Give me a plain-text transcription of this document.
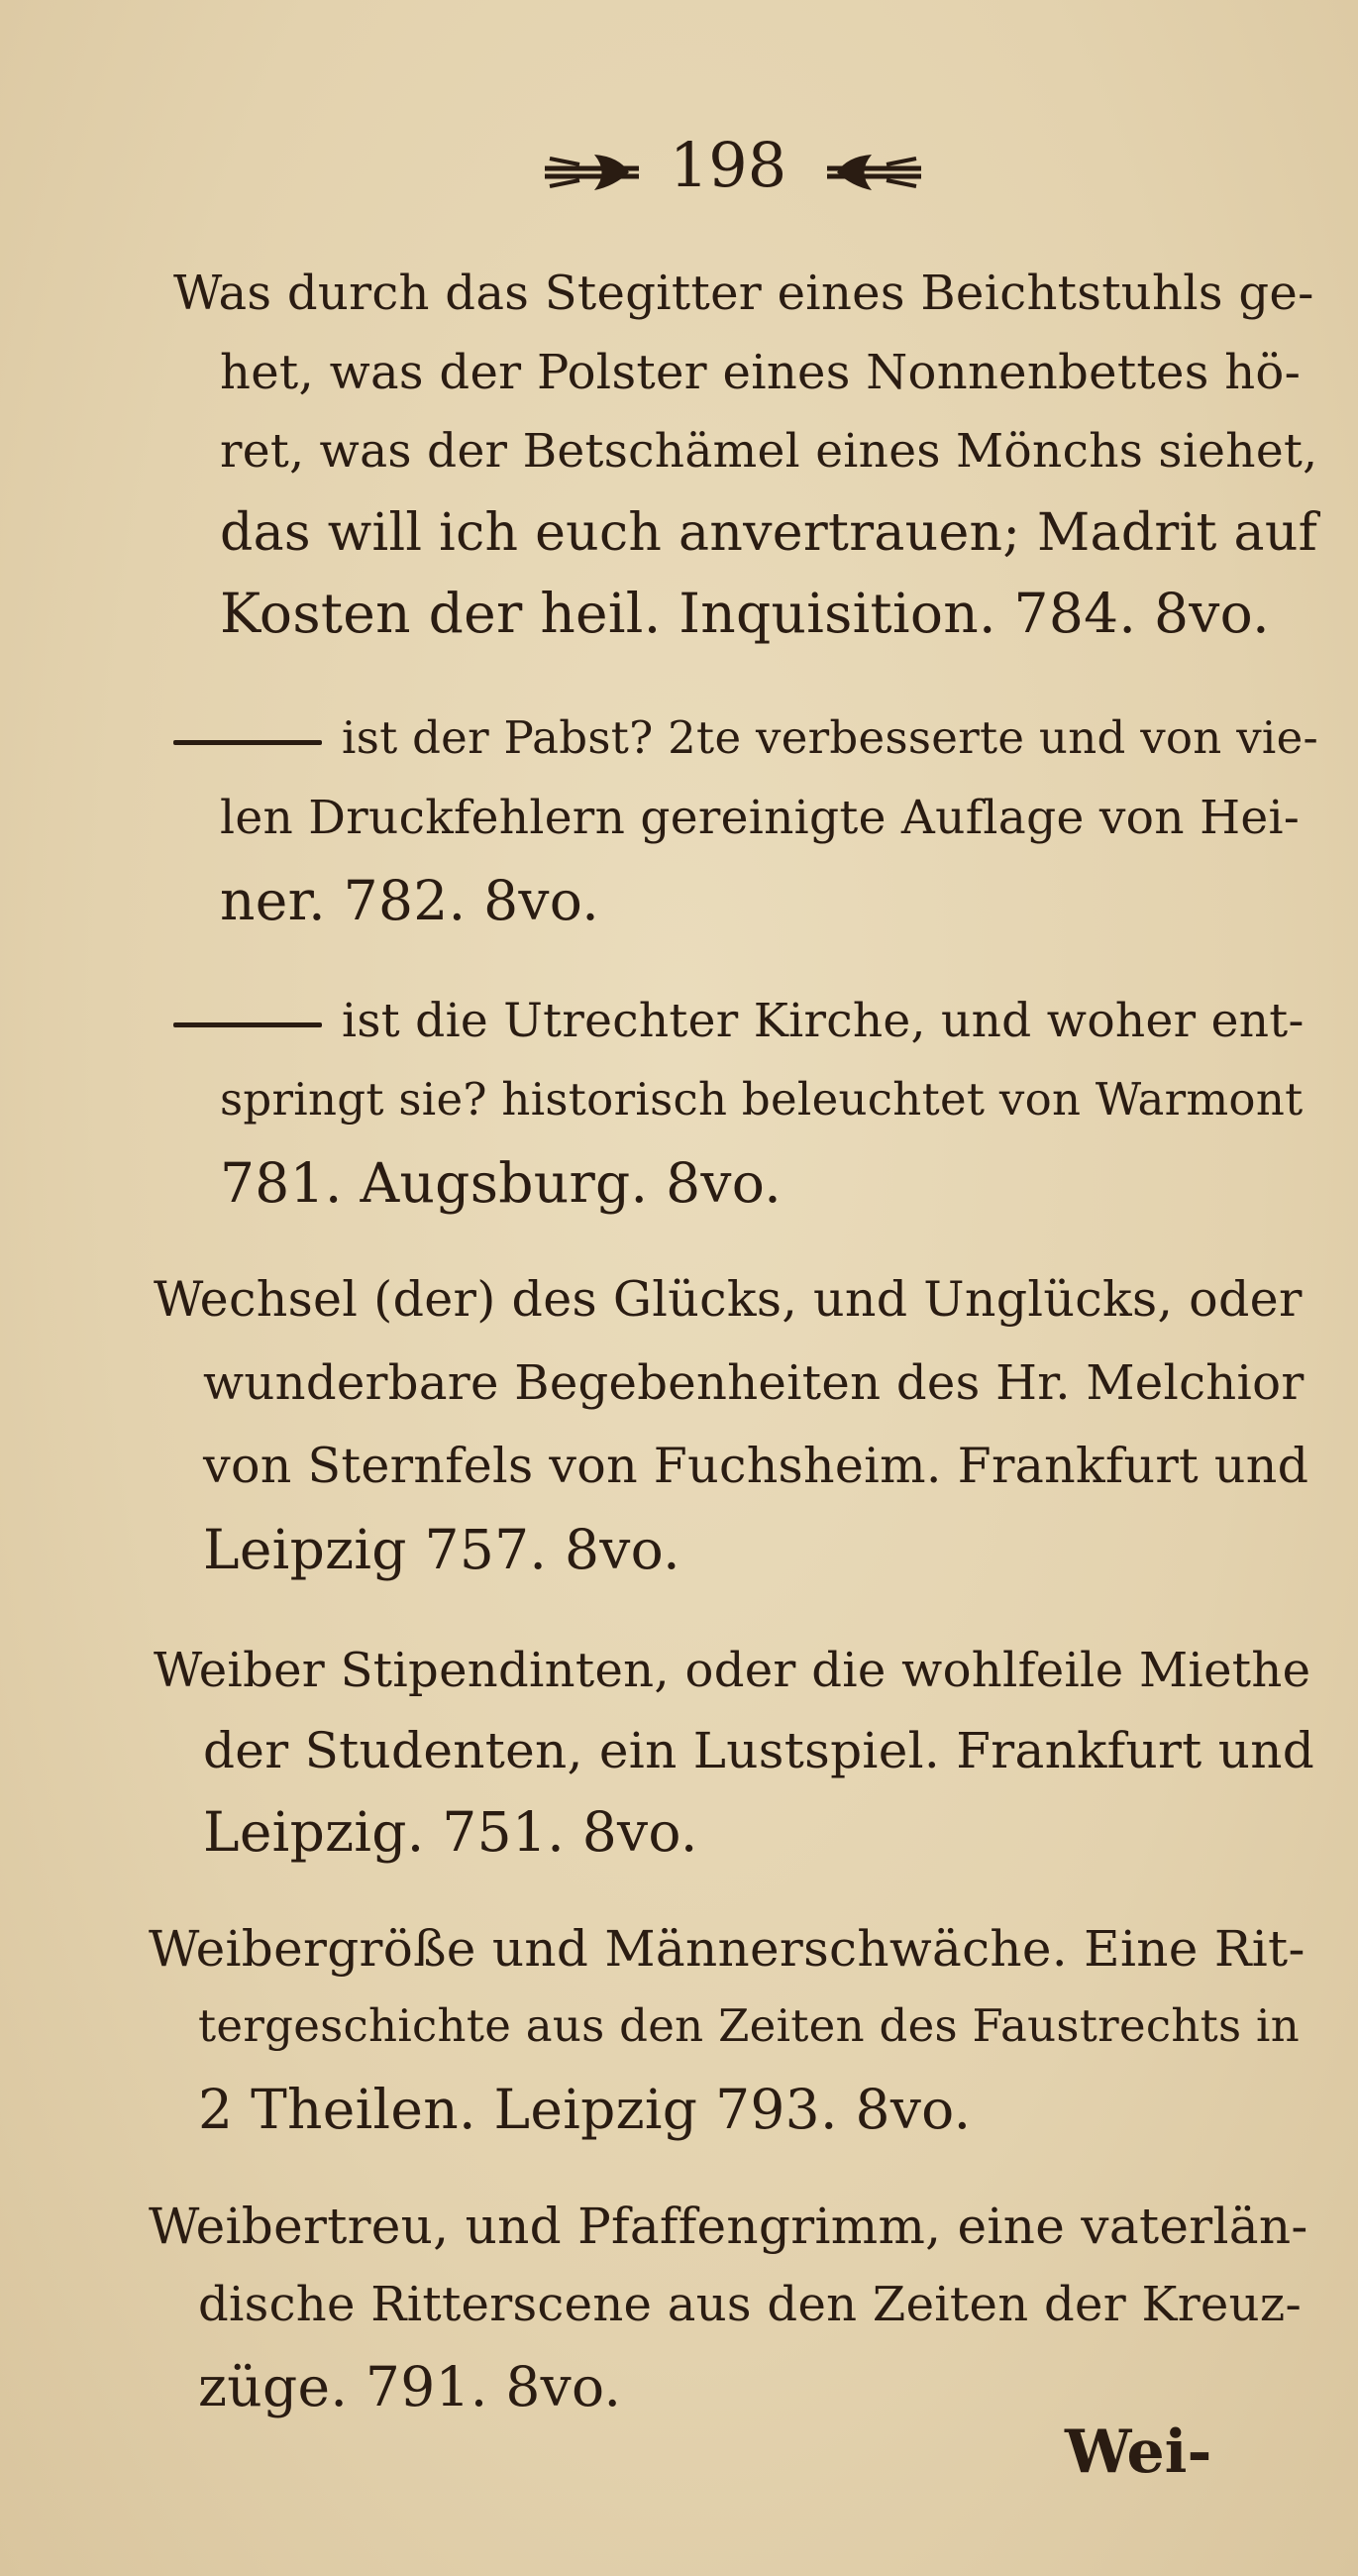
198
Was durch das Stegitter eines Beichtstuhls ge-
het, was der Polster eines Nonnenbettes hö-
ret, was der Betschämel eines Mönchs siehet,
das will ich euch anvertrauen; Madrit auf
Kosten der heil. Inquisition. 784. 8vo.
ist der Pabst? 2te verbesserte und von vie-
len Druckfehlern gereinigte Auflage von Hei-
ner. 782. 8vo.
ist die Utrechter Kirche, und woher ent-
springt sie? historisch beleuchtet von Warmont
781. Augsburg. 8vo.
Wechsel (der) des Glücks, und Unglücks, oder
wunderbare Begebenheiten des Hr. Melchior
von Sternfels von Fuchsheim. Frankfurt und
Leipzig 757. 8vo.
Weiber Stipendinten, oder die wohlfeile Miethe
der Studenten, ein Lustspiel. Frankfurt und
Leipzig. 751. 8vo.
Weibergröße und Männerschwäche. Eine Rit-
tergeschichte aus den Zeiten des Faustrechts in
2 Theilen. Leipzig 793. 8vo.
Weibertreu, und Pfaffengrimm, eine vaterlän-
dische Ritterscene aus den Zeiten der Kreuz-
züge. 791. 8vo.
Wei-
